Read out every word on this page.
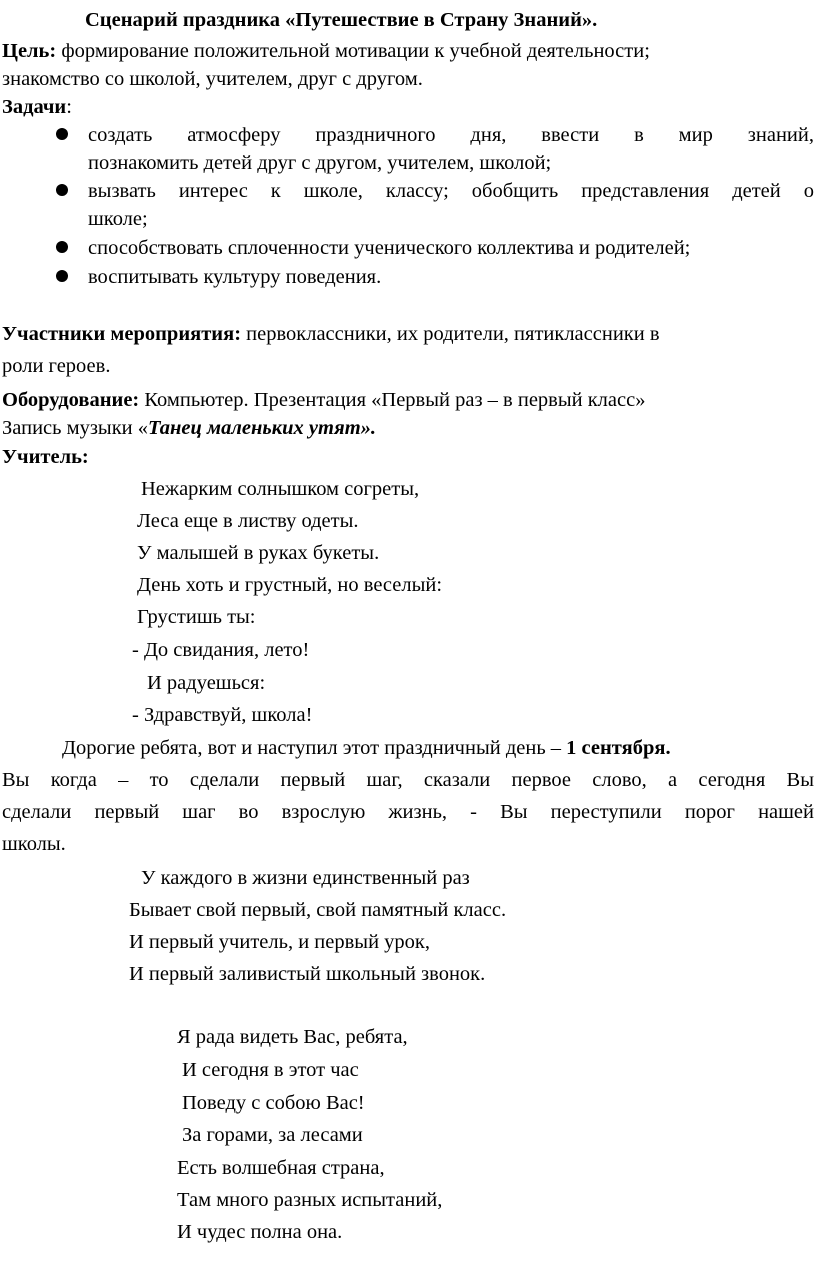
Сценарий праздника «Путешествие в Страну Знаний».
Цель: формирование положительной мотивации к учебной деятельности;
знакомство со школой, учителем, друг с другом.
Задачи:
создать атмосферу праздничного дня, ввести в мир знаний,
познакомить детей друг с другом, учителем, школой;
вызвать интерес к школе, классу; обобщить представления детей о
школе;
способствовать сплоченности ученического коллектива и родителей;
воспитывать культуру поведения.
Участники мероприятия: первоклассники, их родители, пятиклассники в
роли героев.
Оборудование: Компьютер. Презентация «Первый раз – в первый класс»
Запись музыки «Танец маленьких утят».
Учитель:
Нежарким солнышком согреты,
Леса еще в листву одеты.
У малышей в руках букеты.
День хоть и грустный, но веселый:
Грустишь ты:
- До свидания, лето!
И радуешься:
- Здравствуй, школа!
Дорогие ребята, вот и наступил этот праздничный день – 1 сентября.
Вы когда – то сделали первый шаг, сказали первое слово, а сегодня Вы
сделали первый шаг во взрослую жизнь, - Вы переступили порог нашей
школы.
У каждого в жизни единственный раз
Бывает свой первый, свой памятный класс.
И первый учитель, и первый урок,
И первый заливистый школьный звонок.
Я рада видеть Вас, ребята,
И сегодня в этот час
Поведу с собою Вас!
За горами, за лесами
Есть волшебная страна,
Там много разных испытаний,
И чудес полна она.
